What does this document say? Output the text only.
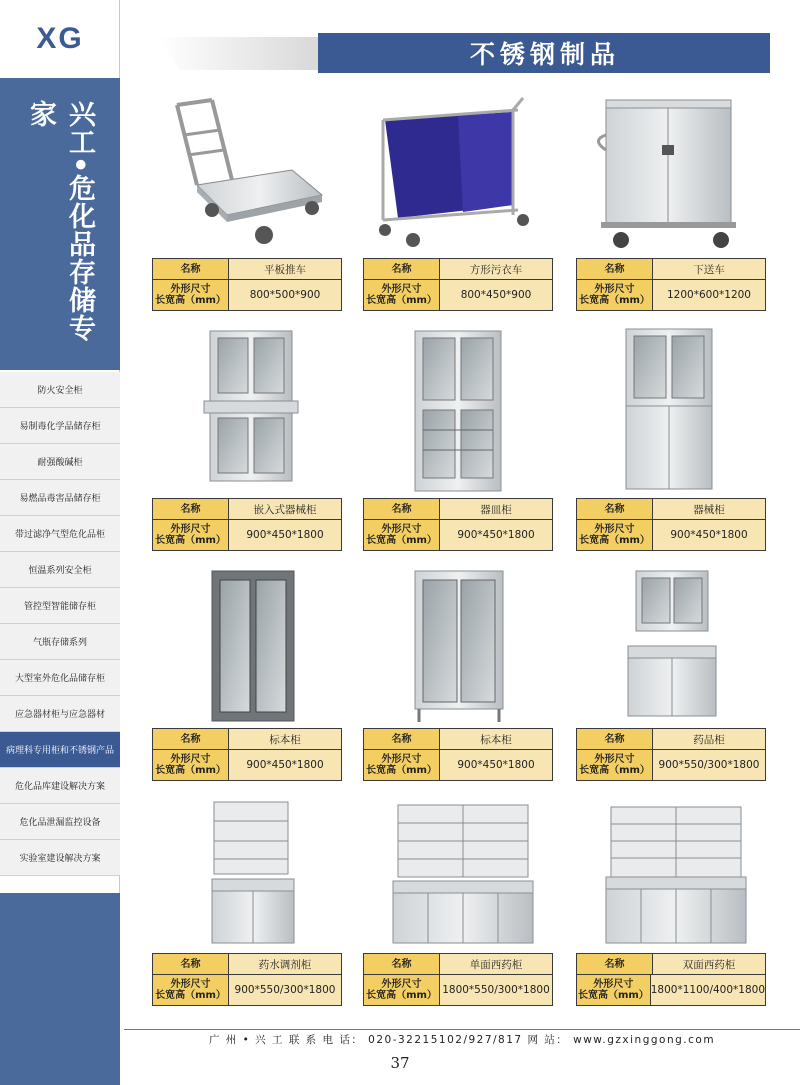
XG
兴工•危化品存储专家
防火安全柜
易制毒化学品储存柜
耐强酸碱柜
易燃品毒害品储存柜
带过滤净气型危化品柜
恒温系列安全柜
管控型智能储存柜
气瓶存储系列
大型室外危化品储存柜
应急器材柜与应急器材
病理科专用柜和不锈钢产品
危化品库建设解决方案
危化品泄漏监控设备
实验室建设解决方案
不锈钢制品
名称	平板推车
外形尺寸
长宽高（mm）	800*500*900
名称	方形污衣车
外形尺寸
长宽高（mm）	800*450*900
名称	下送车
外形尺寸
长宽高（mm）	1200*600*1200
名称	嵌入式器械柜
外形尺寸
长宽高（mm）	900*450*1800
名称	器皿柜
外形尺寸
长宽高（mm）	900*450*1800
名称	器械柜
外形尺寸
长宽高（mm）	900*450*1800
名称	标本柜
外形尺寸
长宽高（mm）	900*450*1800
名称	标本柜
外形尺寸
长宽高（mm）	900*450*1800
名称	药品柜
外形尺寸
长宽高（mm） 900*550/300*1800
名称	药水调剂柜
外形尺寸
长宽高（mm） 900*550/300*1800
名称	单面西药柜
外形尺寸
长宽高（mm） 1800*550/300*1800
名称	双面西药柜
外形尺寸
长宽高（mm） 1800*1100/400*1800
广 州 • 兴 工 联 系 电 话： 020-32215102/927/817 网 站： www.gzxinggong.com
37
